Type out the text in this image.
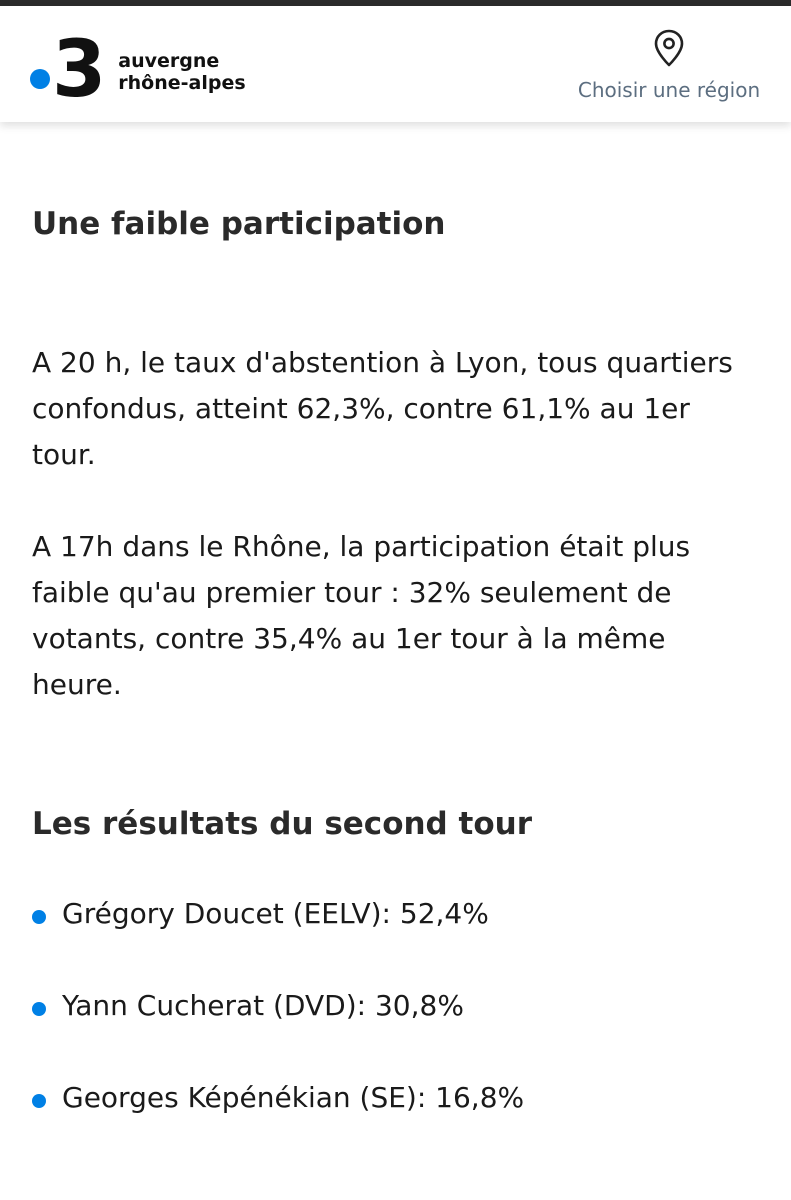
3 auvergne
rhône-alpes	Choisir une région
Une faible participation

A 20 h, le taux d'abstention à Lyon, tous quartiers confondus, atteint 62,3%, contre 61,1% au 1er tour.

A 17h dans le Rhône, la participation était plus faible qu'au premier tour : 32% seulement de votants, contre 35,4% au 1er tour à la même heure.

Les résultats du second tour
Grégory Doucet (EELV): 52,4%
Yann Cucherat (DVD): 30,8%
Georges Képénékian (SE): 16,8%
